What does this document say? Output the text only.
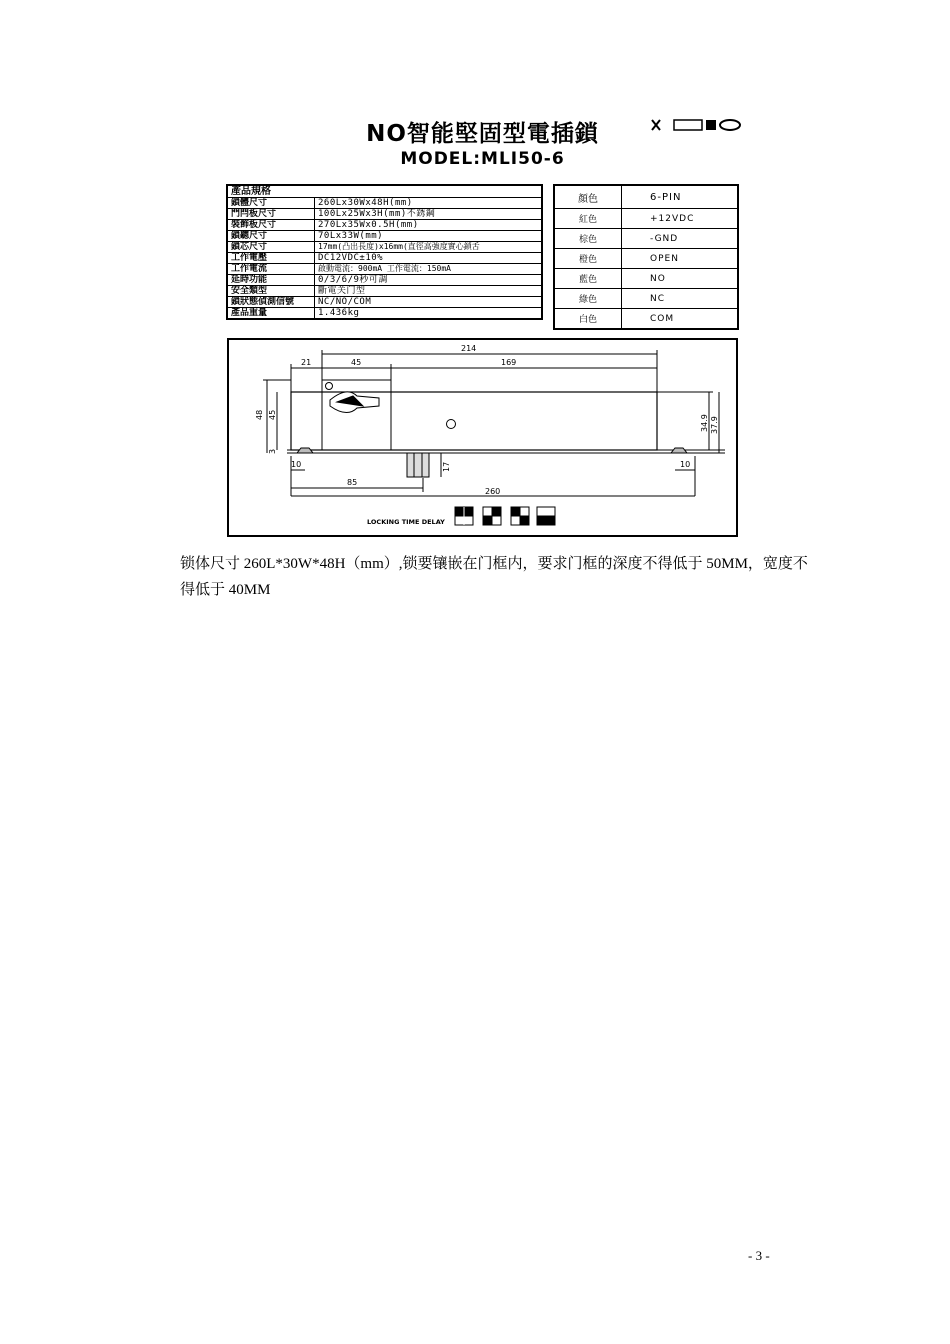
NO智能堅固型電插鎖
MODEL:MLI50-6
產品規格	
鎖體尺寸	260Lx30Wx48H(mm)
門閂板尺寸	100Lx25Wx3H(mm)不銹鋼
裝飾板尺寸	270Lx35Wx0.5H(mm)
鎖聽尺寸	70Lx33W(mm)
鎖芯尺寸	17mm(凸出長度)x16mm(直徑高強度實心鎖舌
工作電壓	DC12VDC±10%
工作電流	啟動電流：900mA 工作電流：150mA
延時功能	0/3/6/9秒可調
安全類型	斷電关门型
鎖狀態偵測信號	NC/NO/COM
產品重量	1.436kg
顏色	6-PIN
紅色	+12VDC
棕色	-GND
橙色	OPEN
藍色	NO
綠色	NC
白色	COM
214
21	45	169
48 45
3
34.9 37.9
10	10
17
85
260
LOCKING TIME DELAY
锁体尺寸 260L*30W*48H（mm）,锁要镶嵌在门框内，要求门框的深度不得低于 50MM，宽度不得低于 40MM
- 3 -
